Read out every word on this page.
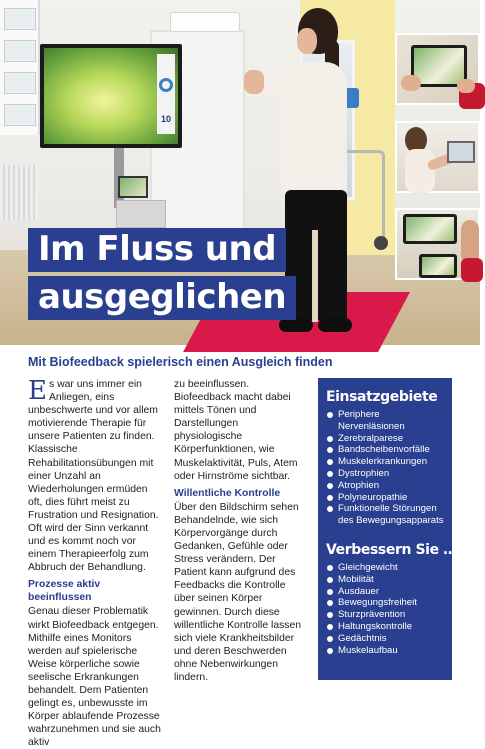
10
Im Fluss und
ausgeglichen
Mit Biofeedback spielerisch einen Ausgleich finden

Es war uns immer ein Anliegen, eins unbeschwerte und vor allem motivierende Therapie für unsere Patienten zu finden. Klassische Rehabilitationsübungen mit einer Unzahl an Wiederholungen ermüden oft, dies führt meist zu Frustration und Resignation. Oft wird der Sinn verkannt und es kommt noch vor einem Therapieerfolg zum Abbruch der Behandlung.

Prozesse aktiv beeinflussen

Genau dieser Problematik wirkt Biofeedback entgegen. Mithilfe eines Monitors werden auf spielerische Weise körperliche sowie seelische Erkrankungen behandelt. Dem Patienten gelingt es, unbewusste im Körper ablaufende Prozesse wahrzunehmen und sie auch aktiv

zu beeinflussen. Biofeedback macht dabei mittels Tönen und Darstellungen physiologische Körperfunktionen, wie Muskelaktivität, Puls, Atem oder Hirnströme sichtbar.

Willentliche Kontrolle

Über den Bildschirm sehen Behandelnde, wie sich Körpervorgänge durch Gedanken, Gefühle oder Stress verändern. Der Patient kann aufgrund des Feedbacks die Kontrolle über seinen Körper gewinnen. Durch diese willentliche Kontrolle lassen sich viele Krankheitsbilder und deren Beschwerden ohne Nebenwirkungen lindern.

Einsatzgebiete
Periphere Nervenläsionen
Zerebralparese
Bandscheibenvorfälle
Muskelerkrankungen
Dystrophien
Atrophien
Polyneuropathie
Funktionelle Störungen des Bewegungsapparats
Verbessern Sie …
Gleichgewicht
Mobilität
Ausdauer
Bewegungsfreiheit
Sturzprävention
Haltungskontrolle
Gedächtnis
Muskelaufbau
